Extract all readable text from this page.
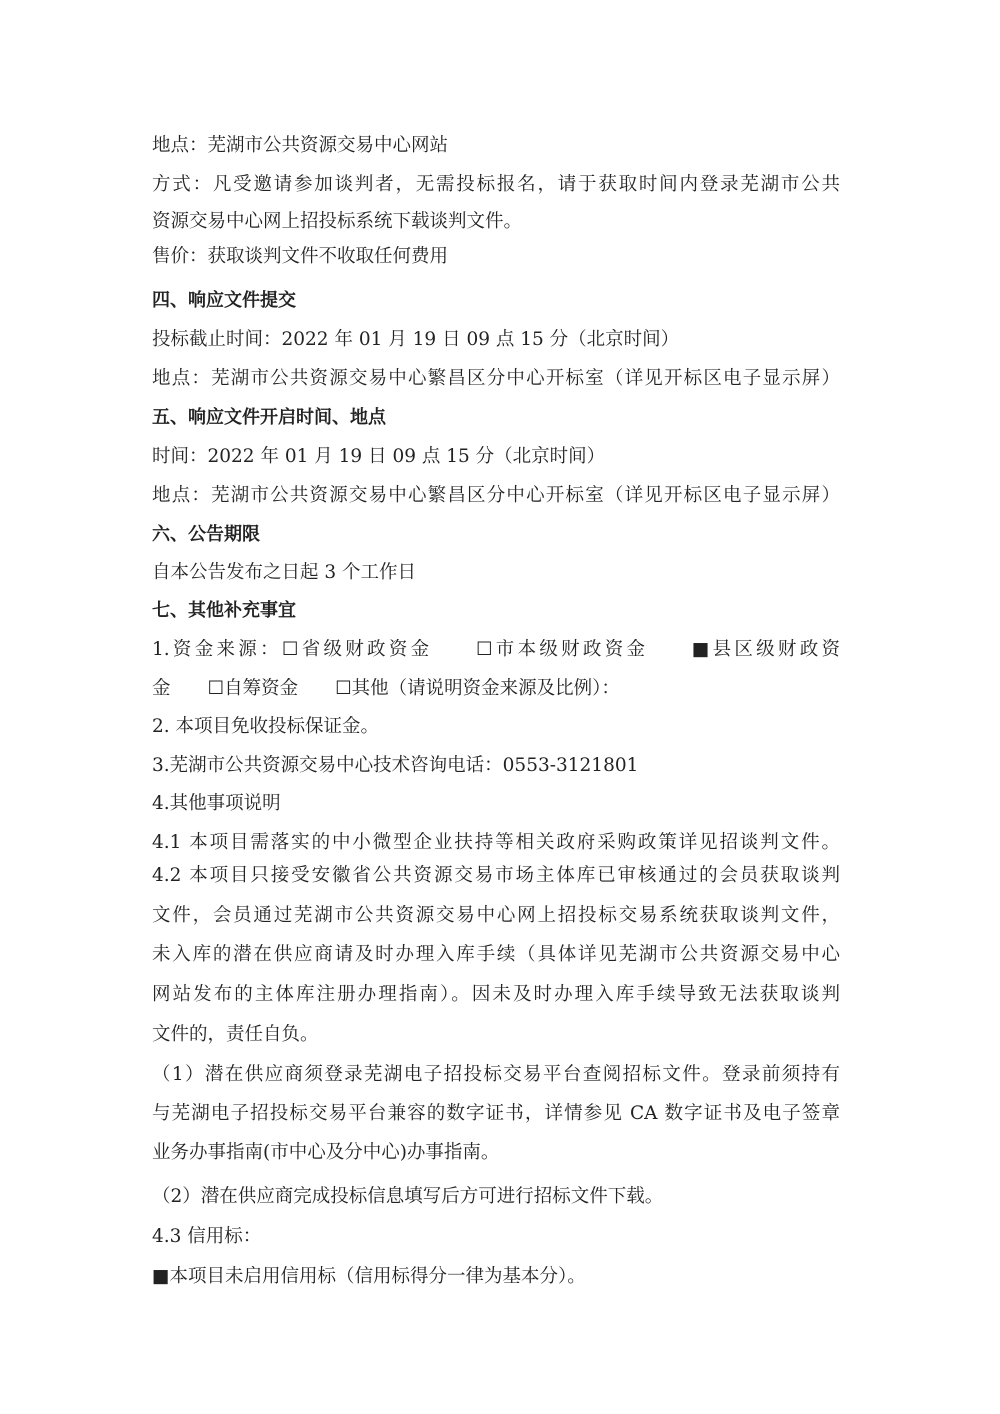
地点：芜湖市公共资源交易中心网站
方式：凡受邀请参加谈判者，无需投标报名，请于获取时间内登录芜湖市公共
资源交易中心网上招投标系统下载谈判文件。
售价：获取谈判文件不收取任何费用
四、响应文件提交
投标截止时间：2022 年 01 月 19 日 09 点 15 分（北京时间）
地点：芜湖市公共资源交易中心繁昌区分中心开标室（详见开标区电子显示屏）
五、响应文件开启时间、地点
时间：2022 年 01 月 19 日 09 点 15 分（北京时间）
地点：芜湖市公共资源交易中心繁昌区分中心开标室（详见开标区电子显示屏）
六、公告期限
自本公告发布之日起 3 个工作日
七、其他补充事宜
1.资金来源：☐省级财政资金　　☐市本级财政资金　　■县区级财政资
金　　☐自筹资金　　☐其他（请说明资金来源及比例）：
2. 本项目免收投标保证金。
3.芜湖市公共资源交易中心技术咨询电话：0553-3121801
4.其他事项说明
4.1 本项目需落实的中小微型企业扶持等相关政府采购政策详见招谈判文件。
4.2 本项目只接受安徽省公共资源交易市场主体库已审核通过的会员获取谈判
文件，会员通过芜湖市公共资源交易中心网上招投标交易系统获取谈判文件，
未入库的潜在供应商请及时办理入库手续（具体详见芜湖市公共资源交易中心
网站发布的主体库注册办理指南）。因未及时办理入库手续导致无法获取谈判
文件的，责任自负。
（1）潜在供应商须登录芜湖电子招投标交易平台查阅招标文件。登录前须持有
与芜湖电子招投标交易平台兼容的数字证书，详情参见 CA 数字证书及电子签章
业务办事指南(市中心及分中心)办事指南。
（2）潜在供应商完成投标信息填写后方可进行招标文件下载。
4.3 信用标：
■本项目未启用信用标（信用标得分一律为基本分）。
